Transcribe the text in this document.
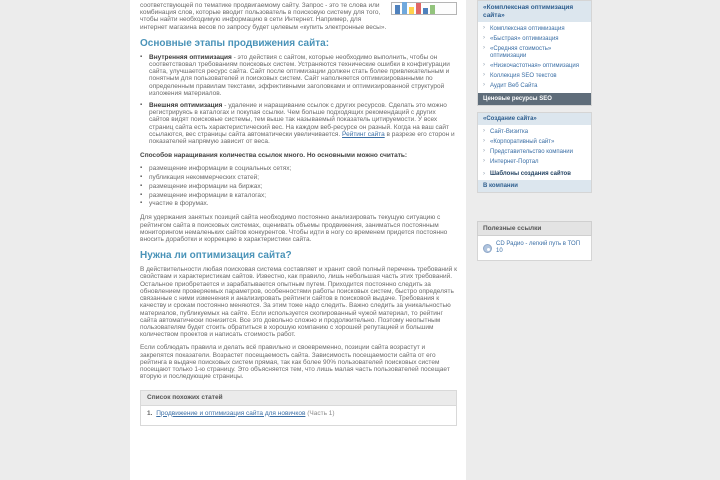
соответствующей по тематике продвигаемому сайту. Запрос - это те слова или комбинация слов, которые вводит пользователь в поисковую систему для того, чтобы найти необходимую информацию в сети Интернет. Например, для интернет магазина весов по запросу будет целевым «купить электронные весы».

Основные этапы продвижения сайта:
▪ Внутренняя оптимизация - это действия с сайтом, которые необходимо выполнить, чтобы он соответствовал требованиям поисковых систем. Устраняются технические ошибки в конфигурации сайта, улучшается ресурс сайта. Сайт после оптимизации должен стать более привлекательным и понятным для пользователей и поисковых систем. Сайт наполняется оптимизированными по определенным правилам текстами, эффективными заголовками и оптимизированной структурой изложения материалов.
▪ Внешняя оптимизация - удаление и наращивание ссылок с других ресурсов. Сделать это можно регистрируясь в каталогах и покупая ссылки. Чем больше подходящих рекомендаций с других сайтов видят поисковые системы, тем выше так называемый показатель цитируемости. У всех страниц сайта есть характеристический вес. На каждом веб-ресурсе он разный. Когда на ваш сайт ссылаются, вес страницы сайта автоматически увеличивается. Рейтинг сайта в разрезе его сторон и показателей напрямую зависит от веса.

Способов наращивания количества ссылок много. Но основными можно считать:

▪ размещение информации в социальных сетях;
▪ публикация некоммерческих статей;
▪ размещение информации на биржах;
▪ размещение информации в каталогах;
▪ участие в форумах.

Для удержания занятых позиций сайта необходимо постоянно анализировать текущую ситуацию с рейтингом сайта в поисковых системах, оценивать объемы продвижения, заниматься постоянным мониторингом немаленьких сайтов конкурентов. Чтобы идти в ногу со временем придется постоянно вносить доработки и коррекцию в характеристики сайта.

Нужна ли оптимизация сайта?

В действительности любая поисковая система составляет и хранит свой полный перечень требований к свойствам и характеристикам сайтов. Известно, как правило, лишь небольшая часть этих требований. Остальное приобретается и зарабатывается опытным путем. Приходится постоянно следить за обновлением проверяемых параметров, особенностями работы поисковых систем, быстро определять связанные с ними изменения и анализировать рейтинги сайтов в поисковой выдаче. Требования к качеству и срокам постоянно меняются. За этим тоже надо следить. Важно следить за уникальностью материалов, публикуемых на сайте. Если используется скопированный чужой материал, то рейтинг сайта автоматически понизится. Все это довольно сложно и продолжительно. Поэтому неопытным пользователям будет стоить обратиться в хорошую компанию с хорошей репутацией и большим количеством проектов и написать стоимость работ.

Если соблюдать правила и делать всё правильно и своевременно, позиции сайта возрастут и закрепятся показатели. Возрастет посещаемость сайта. Зависимость посещаемости сайта от его рейтинга в выдаче поисковых систем прямая, так как более 90% пользователей поисковых систем посещают только 1-ю страницу. Это объясняется тем, что лишь малая часть пользователей посещает вторую и последующие страницы.

Список похожих статей
1. Продвижение и оптимизация сайта для новичков (Часть 1)
«Комплексная оптимизация сайта»
› Комплексная оптимизация
› «Быстрая» оптимизация
› «Средняя стоимость» оптимизации
› «Низкочастотная» оптимизация
› Коллекция SEO текстов
› Аудит Веб Сайта
Ценовые ресурсы SEO
«Создание сайта»
› Сайт-Визитка
› «Корпоративный сайт»
› Представительство компании
› Интернет-Портал
› Шаблоны создания сайтов
В компании
Полезные ссылки
CD Радио - легкий путь в ТОП 10
